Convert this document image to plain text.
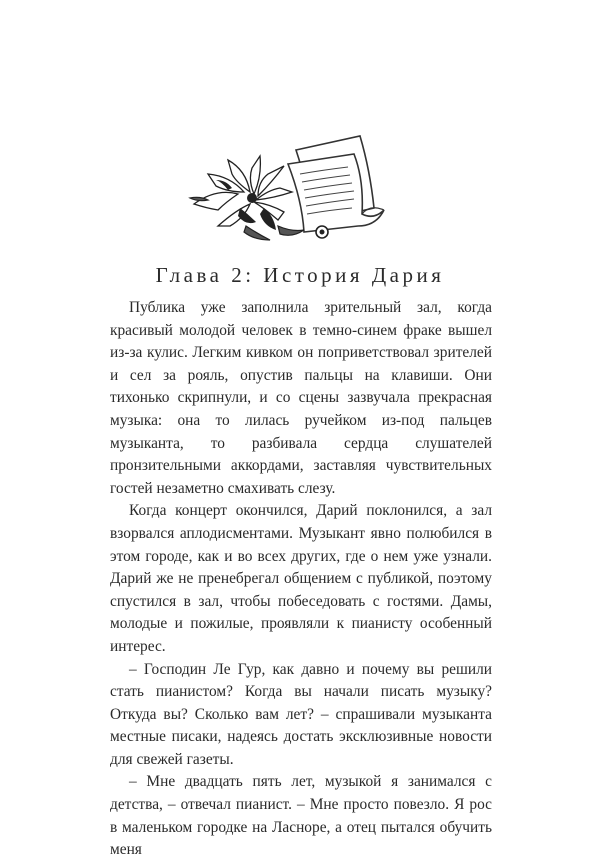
Глава 2: История Дария

Публика уже заполнила зрительный зал, когда красивый молодой человек в темно-синем фраке вышел из-за кулис. Легким кивком он поприветствовал зрителей и сел за рояль, опустив пальцы на клавиши. Они тихонько скрипнули, и со сцены зазвучала прекрасная музыка: она то лилась ручейком из-под пальцев музыканта, то разбивала сердца слушателей пронзительными аккордами, заставляя чувствительных гостей незаметно смахивать слезу.

Когда концерт окончился, Дарий поклонился, а зал взорвался аплодисментами. Музыкант явно полюбился в этом городе, как и во всех других, где о нем уже узнали. Дарий же не пренебрегал общением с публикой, поэтому спустился в зал, чтобы побеседовать с гостями. Дамы, молодые и пожилые, проявляли к пианисту особенный интерес.

– Господин Ле Гур, как давно и почему вы решили стать пианистом? Когда вы начали писать музыку? Откуда вы? Сколько вам лет? – спрашивали музыканта местные писаки, надеясь достать эксклюзивные новости для свежей газеты.

– Мне двадцать пять лет, музыкой я занимался с детства, – отвечал пианист. – Мне просто повезло. Я рос в маленьком городке на Ласноре, а отец пытался обучить меня
